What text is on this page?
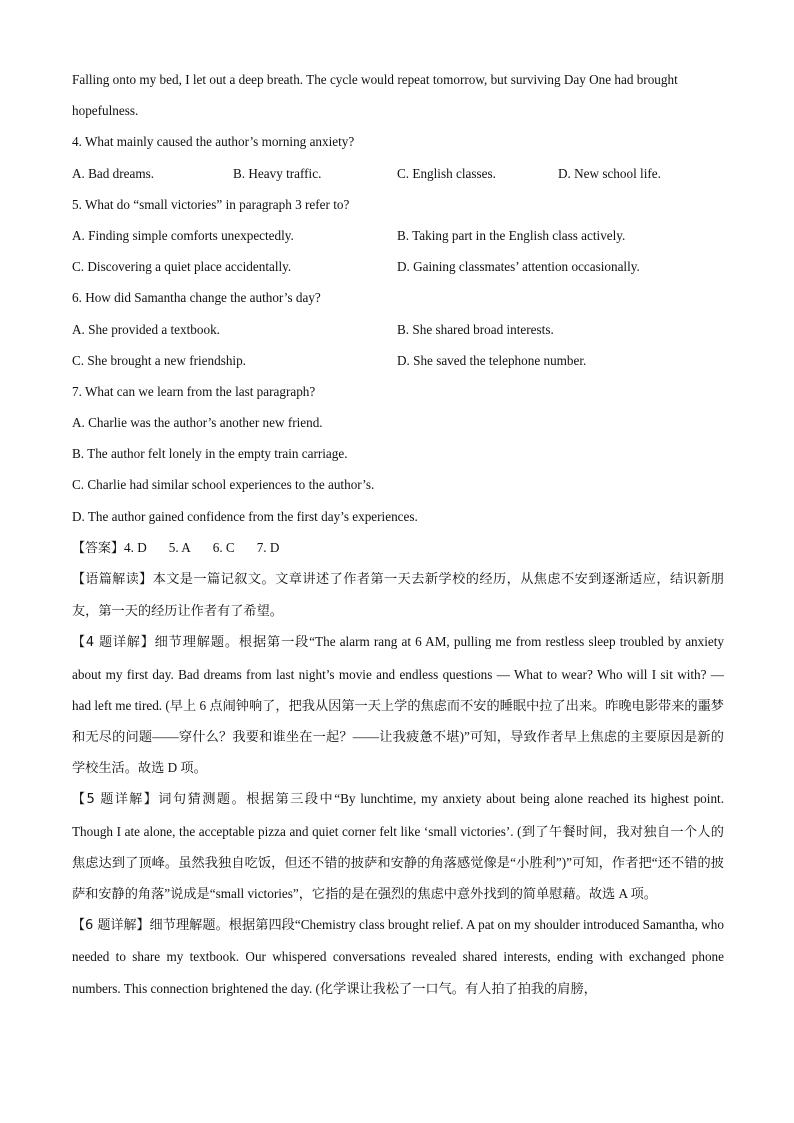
Falling onto my bed, I let out a deep breath. The cycle would repeat tomorrow, but surviving Day One had brought
hopefulness.
4. What mainly caused the author’s morning anxiety?
A. Bad dreams.	B. Heavy traffic.	C. English classes.	D. New school life.
5. What do “small victories” in paragraph 3 refer to?
A. Finding simple comforts unexpectedly.	B. Taking part in the English class actively.
C. Discovering a quiet place accidentally.	D. Gaining classmates’ attention occasionally.
6. How did Samantha change the author’s day?
A. She provided a textbook.	B. She shared broad interests.
C. She brought a new friendship.	D. She saved the telephone number.
7. What can we learn from the last paragraph?
A. Charlie was the author’s another new friend.
B. The author felt lonely in the empty train carriage.
C. Charlie had similar school experiences to the author’s.
D. The author gained confidence from the first day’s experiences.
【答案】4. D 5. A 6. C 7. D
【语篇解读】本文是一篇记叙文。文章讲述了作者第一天去新学校的经历，从焦虑不安到逐渐适应，结识新朋友，第一天的经历让作者有了希望。
【4 题详解】细节理解题。根据第一段“The alarm rang at 6 AM, pulling me from restless sleep troubled by anxiety about my first day. Bad dreams from last night’s movie and endless questions — What to wear? Who will I sit with? — had left me tired. (早上 6 点闹钟响了，把我从因第一天上学的焦虑而不安的睡眠中拉了出来。昨晚电影带来的噩梦和无尽的问题——穿什么？我要和谁坐在一起？——让我疲惫不堪)”可知，导致作者早上焦虑的主要原因是新的学校生活。故选 D 项。
【5 题详解】词句猜测题。根据第三段中“By lunchtime, my anxiety about being alone reached its highest point. Though I ate alone, the acceptable pizza and quiet corner felt like ‘small victories’. (到了午餐时间，我对独自一个人的焦虑达到了顶峰。虽然我独自吃饭，但还不错的披萨和安静的角落感觉像是“小胜利”)”可知，作者把“还不错的披萨和安静的角落”说成是“small victories”，它指的是在强烈的焦虑中意外找到的简单慰藉。故选 A 项。
【6 题详解】细节理解题。根据第四段“Chemistry class brought relief. A pat on my shoulder introduced Samantha, who needed to share my textbook. Our whispered conversations revealed shared interests, ending with exchanged phone numbers. This connection brightened the day. (化学课让我松了一口气。有人拍了拍我的肩膀，
